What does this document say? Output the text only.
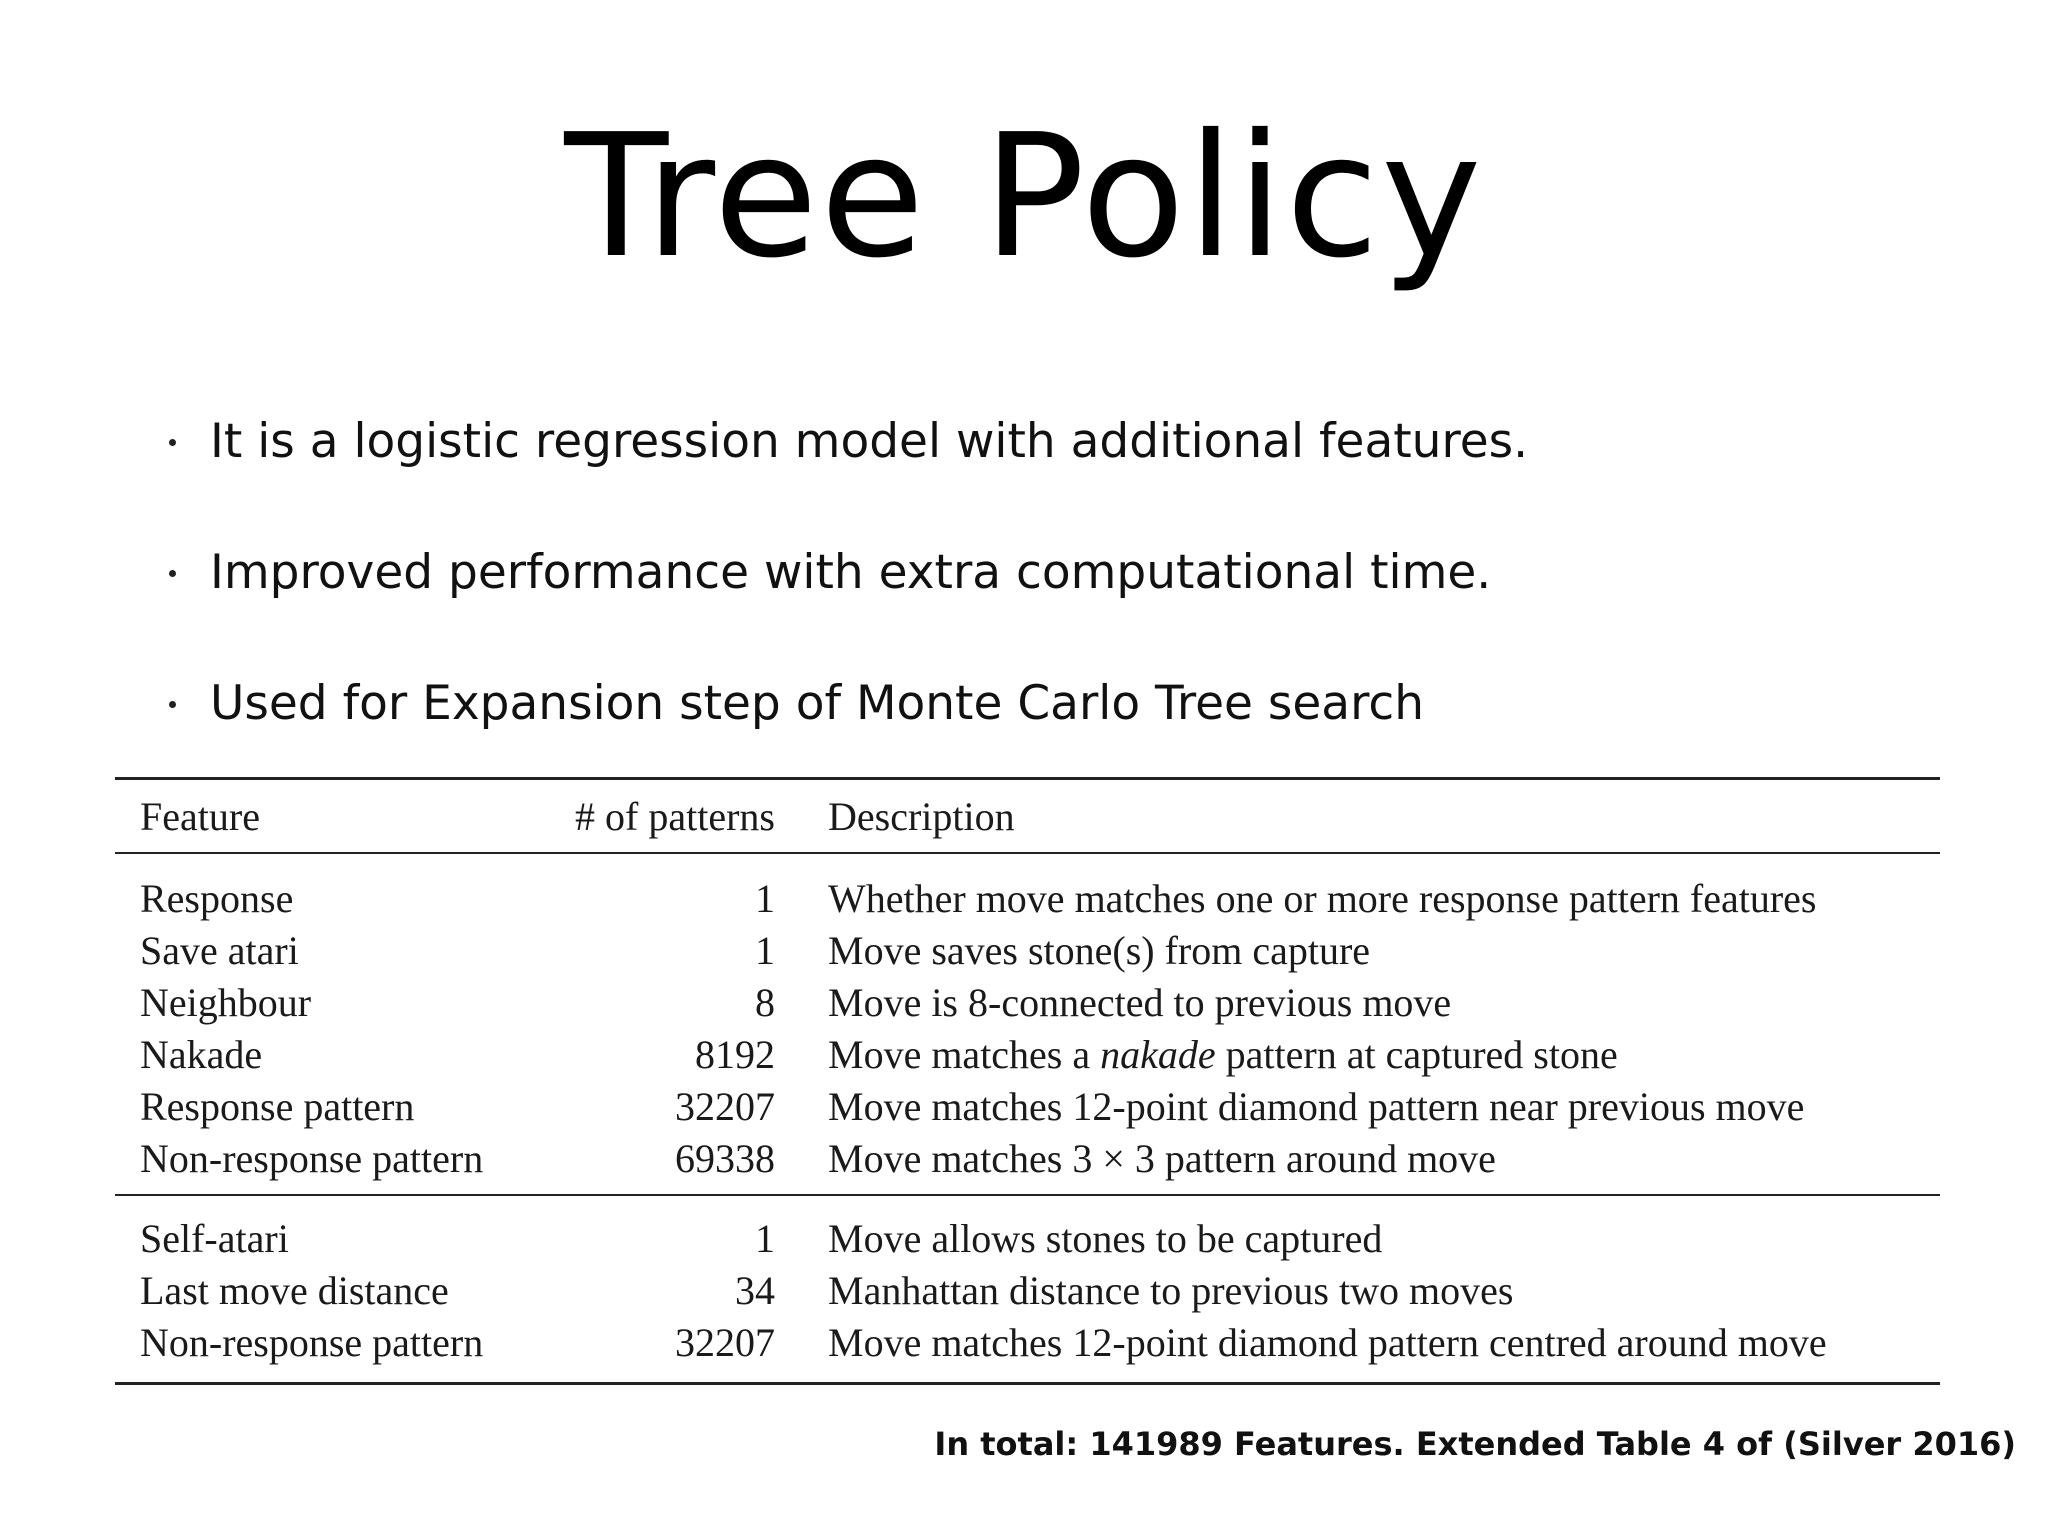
Tree Policy
It is a logistic regression model with additional features.
Improved performance with extra computational time.
Used for Expansion step of Monte Carlo Tree search
Feature	# of patterns	Description
Response	1	Whether move matches one or more response pattern features
Save atari	1	Move saves stone(s) from capture
Neighbour	8	Move is 8-connected to previous move
Nakade	8192	Move matches a nakade pattern at captured stone
Response pattern	32207	Move matches 12-point diamond pattern near previous move
Non-response pattern	69338	Move matches 3 × 3 pattern around move
Self-atari	1	Move allows stones to be captured
Last move distance	34	Manhattan distance to previous two moves
Non-response pattern	32207	Move matches 12-point diamond pattern centred around move
In total: 141989 Features. Extended Table 4 of (Silver 2016)
